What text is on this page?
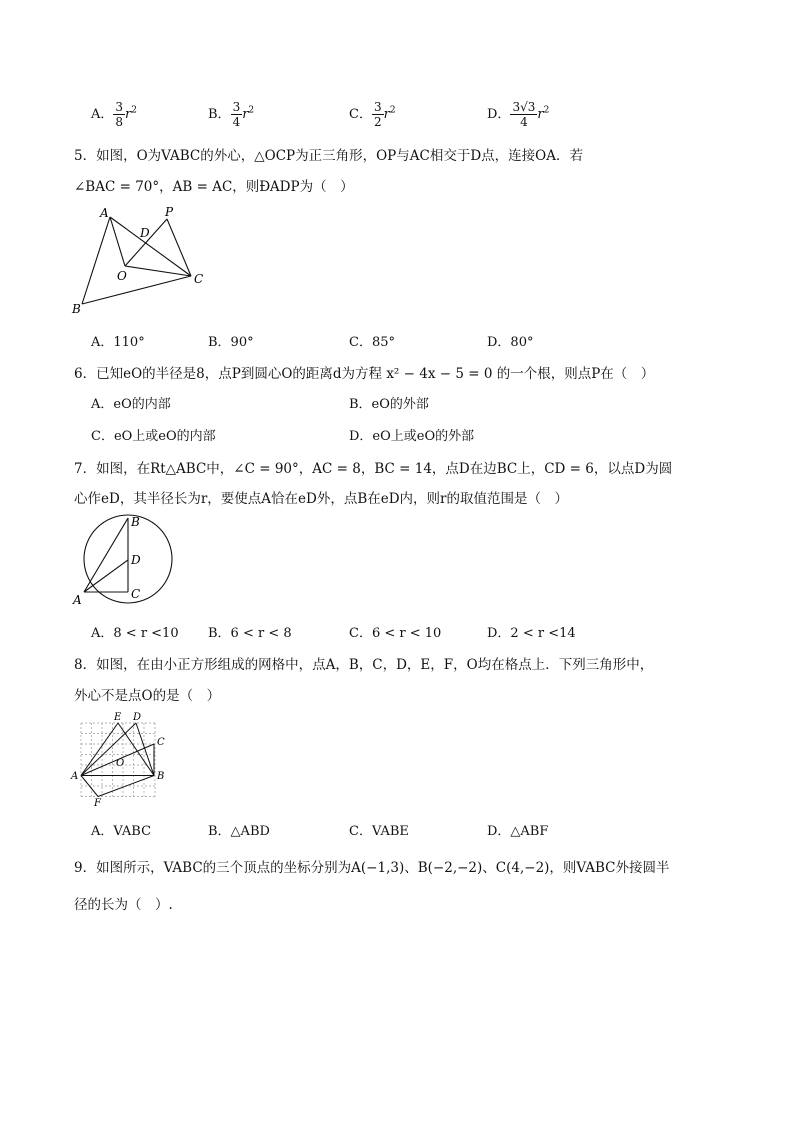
A． $\frac{3}{8} r^2$	B． $\frac{3}{4} r^2$	C． $\frac{3}{2} r^2$	D． $\frac{3√3}{4} r^2$
5．如图，O为VABC的外心，△OCP为正三角形，OP与AC相交于D点，连接OA．若
∠BAC = 70°，AB = AC，则ÐADP为（　）
A	P
D
O	C
B
A．110°	B．90°	C．85°	D．80°
6．已知eO的半径是8，点P到圆心O的距离d为方程 x² − 4x − 5 = 0 的一个根，则点P在（　）
A．eO的内部	B．eO的外部
C．eO上或eO的内部	D．eO上或eO的外部
7．如图，在Rt△ABC中，∠C = 90°，AC = 8，BC = 14，点D在边BC上，CD = 6，以点D为圆
心作eD，其半径长为r，要使点A恰在eD外，点B在eD内，则r的取值范围是（　）
B
D
A	C
A．8 < r <10 B．6 < r < 8	C．6 < r < 10	D．2 < r <14
8．如图，在由小正方形组成的网格中，点A，B，C，D，E，F，O均在格点上．下列三角形中，
外心不是点O的是（　）
E D
C
A
O
B
F
A．VABC	B．△ABD	C．VABE	D．△ABF
9．如图所示，VABC的三个顶点的坐标分别为A(−1,3)、B(−2,−2)、C(4,−2)，则VABC外接圆半
径的长为（　）.
